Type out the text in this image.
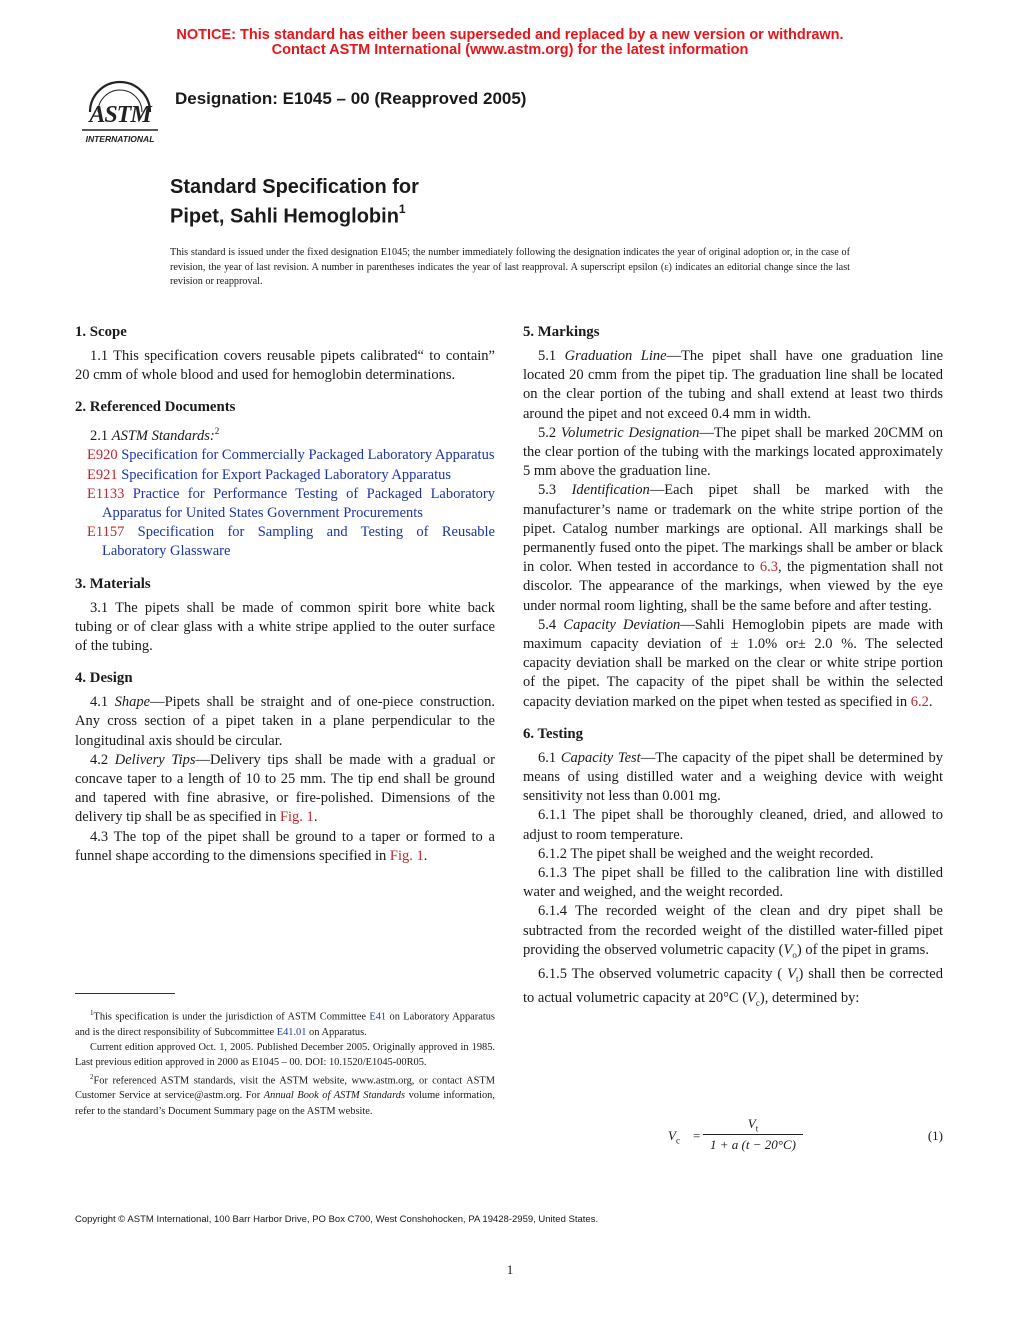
NOTICE: This standard has either been superseded and replaced by a new version or withdrawn.
Contact ASTM International (www.astm.org) for the latest information
ASTM
INTERNATIONAL
Designation: E1045 – 00 (Reapproved 2005)
Standard Specification for
Pipet, Sahli Hemoglobin$^1$
This standard is issued under the fixed designation E1045; the number immediately following the designation indicates the year of original adoption or, in the case of revision, the year of last revision. A number in parentheses indicates the year of last reapproval. A superscript epsilon (ε) indicates an editorial change since the last revision or reapproval.
1. Scope

1.1 This specification covers reusable pipets calibrated“ to contain” 20 cmm of whole blood and used for hemoglobin determinations.

2. Referenced Documents

2.1 ASTM Standards:$^2$

E920 Specification for Commercially Packaged Laboratory Apparatus

E921 Specification for Export Packaged Laboratory Apparatus

E1133 Practice for Performance Testing of Packaged Laboratory Apparatus for United States Government Procurements

E1157 Specification for Sampling and Testing of Reusable Laboratory Glassware

3. Materials

3.1 The pipets shall be made of common spirit bore white back tubing or of clear glass with a white stripe applied to the outer surface of the tubing.

4. Design

4.1 Shape—Pipets shall be straight and of one-piece construction. Any cross section of a pipet taken in a plane perpendicular to the longitudinal axis should be circular.

4.2 Delivery Tips—Delivery tips shall be made with a gradual or concave taper to a length of 10 to 25 mm. The tip end shall be ground and tapered with fine abrasive, or fire-polished. Dimensions of the delivery tip shall be as specified in Fig. 1.

4.3 The top of the pipet shall be ground to a taper or formed to a funnel shape according to the dimensions specified in Fig. 1.

$^1$This specification is under the jurisdiction of ASTM Committee E41 on Laboratory Apparatus and is the direct responsibility of Subcommittee E41.01 on Apparatus.

Current edition approved Oct. 1, 2005. Published December 2005. Originally approved in 1985. Last previous edition approved in 2000 as E1045 – 00. DOI: 10.1520/E1045-00R05.

$^2$For referenced ASTM standards, visit the ASTM website, www.astm.org, or contact ASTM Customer Service at service@astm.org. For Annual Book of ASTM Standards volume information, refer to the standard’s Document Summary page on the ASTM website.

5. Markings

5.1 Graduation Line—The pipet shall have one graduation line located 20 cmm from the pipet tip. The graduation line shall be located on the clear portion of the tubing and shall extend at least two thirds around the pipet and not exceed 0.4 mm in width.

5.2 Volumetric Designation—The pipet shall be marked 20CMM on the clear portion of the tubing with the markings located approximately 5 mm above the graduation line.

5.3 Identification—Each pipet shall be marked with the manufacturer’s name or trademark on the white stripe portion of the pipet. Catalog number markings are optional. All markings shall be permanently fused onto the pipet. The markings shall be amber or black in color. When tested in accordance to 6.3, the pigmentation shall not discolor. The appearance of the markings, when viewed by the eye under normal room lighting, shall be the same before and after testing.

5.4 Capacity Deviation—Sahli Hemoglobin pipets are made with maximum capacity deviation of ± 1.0% or± 2.0 %. The selected capacity deviation shall be marked on the clear or white stripe portion of the pipet. The capacity of the pipet shall be within the selected capacity deviation marked on the pipet when tested as specified in 6.2.

6. Testing

6.1 Capacity Test—The capacity of the pipet shall be determined by means of using distilled water and a weighing device with weight sensitivity not less than 0.001 mg.

6.1.1 The pipet shall be thoroughly cleaned, dried, and allowed to adjust to room temperature.

6.1.2 The pipet shall be weighed and the weight recorded.

6.1.3 The pipet shall be filled to the calibration line with distilled water and weighed, and the weight recorded.

6.1.4 The recorded weight of the clean and dry pipet shall be subtracted from the recorded weight of the distilled water-filled pipet providing the observed volumetric capacity $(V_o)$ of the pipet in grams.

6.1.5 The observed volumetric capacity ( $V_t$) shall then be corrected to actual volumetric capacity at 20°C $(V_c)$, determined by:

$V_c$ =
$V_t$
1 + a (t − 20°C)
(1)
Copyright © ASTM International, 100 Barr Harbor Drive, PO Box C700, West Conshohocken, PA 19428-2959, United States.
1
